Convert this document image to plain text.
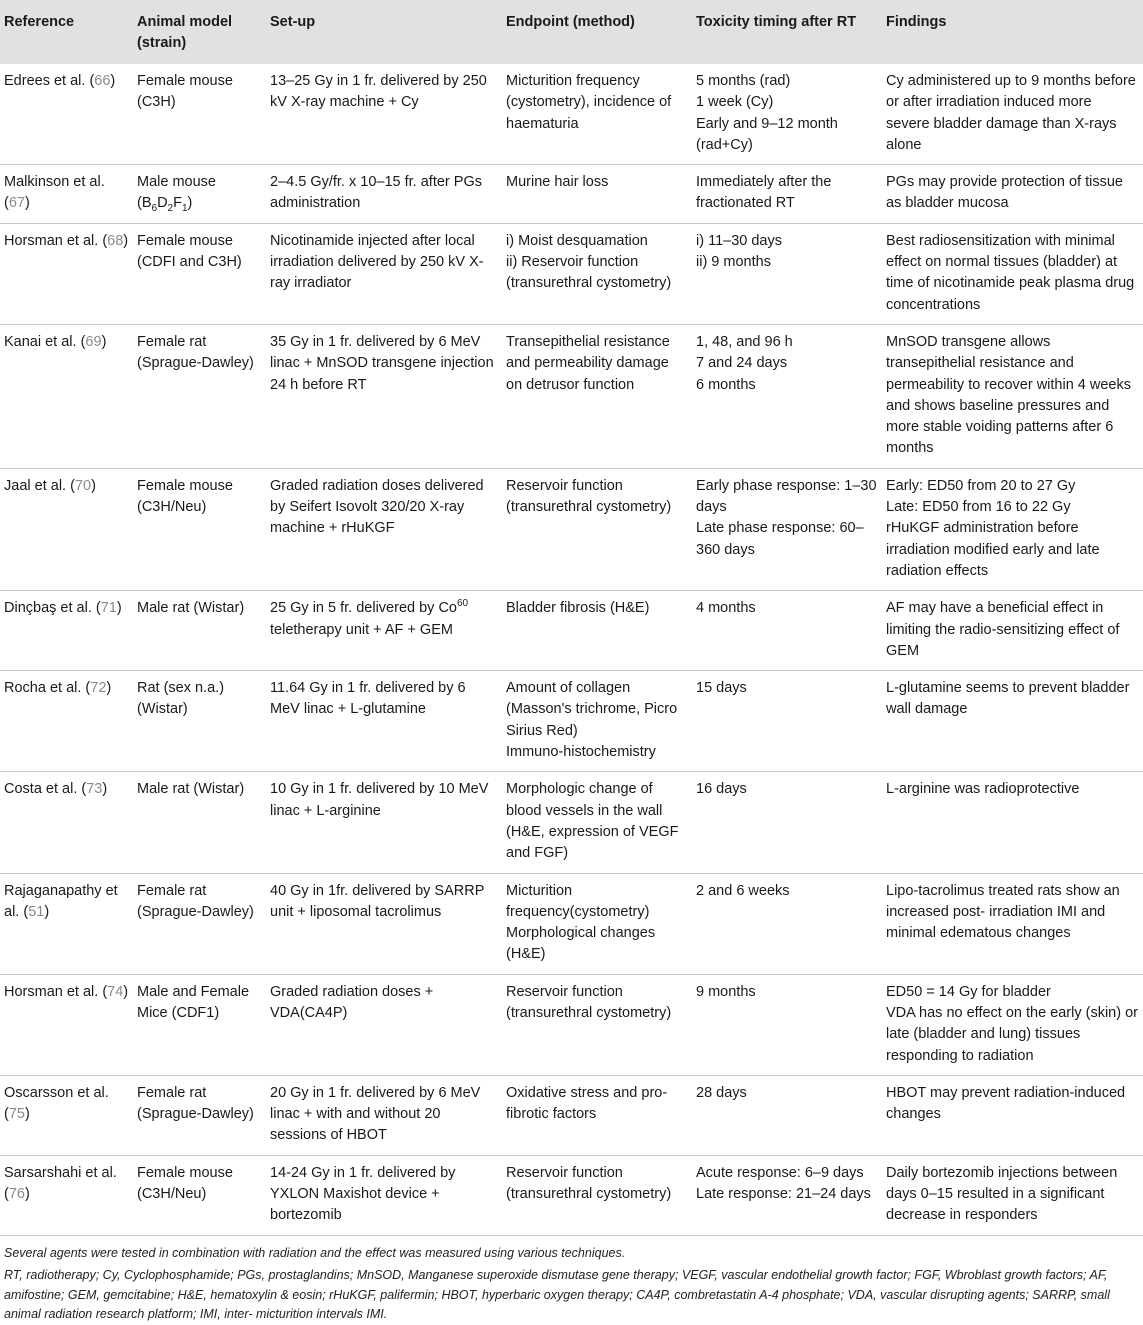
Reference	Animal model (strain)	Set-up	Endpoint (method)	Toxicity timing after RT	Findings
Edrees et al. (66)	Female mouse (C3H)	13–25 Gy in 1 fr. delivered by 250 kV X-ray machine + Cy	Micturition frequency (cystometry), incidence of haematuria	5 months (rad)
1 week (Cy)
Early and 9–12 month (rad+Cy)	Cy administered up to 9 months before or after irradiation induced more severe bladder damage than X-rays alone

Malkinson et al. (67)	Male mouse $(B_6D_2F_1)$	2–4.5 Gy/fr. x 10–15 fr. after PGs administration	Murine hair loss	Immediately after the fractionated RT	PGs may provide protection of tissue as bladder mucosa

Horsman et al. (68)	Female mouse (CDFI and C3H)	Nicotinamide injected after local irradiation delivered by 250 kV X-ray irradiator	i) Moist desquamation
ii) Reservoir function (transurethral cystometry)	i) 11–30 days
ii) 9 months	Best radiosensitization with minimal effect on normal tissues (bladder) at time of nicotinamide peak plasma drug concentrations

Kanai et al. (69)	Female rat (Sprague-Dawley)	35 Gy in 1 fr. delivered by 6 MeV linac + MnSOD transgene injection 24 h before RT	Transepithelial resistance and permeability damage on detrusor function	1, 48, and 96 h
7 and 24 days
6 months	MnSOD transgene allows transepithelial resistance and permeability to recover within 4 weeks and shows baseline pressures and more stable voiding patterns after 6 months

Jaal et al. (70)	Female mouse (C3H/Neu)	Graded radiation doses delivered by Seifert Isovolt 320/20 X-ray machine + rHuKGF	Reservoir function (transurethral cystometry)	Early phase response: 1–30 days
Late phase response: 60–360 days	Early: ED50 from 20 to 27 Gy
Late: ED50 from 16 to 22 Gy
rHuKGF administration before irradiation modified early and late radiation effects

Dinçbaş et al. (71)	Male rat (Wistar)	25 Gy in 5 fr. delivered by Co$^{60}$ teletherapy unit + AF + GEM	Bladder fibrosis (H&E)	4 months	AF may have a beneficial effect in limiting the radio-sensitizing effect of GEM

Rocha et al. (72)	Rat (sex n.a.) (Wistar)	11.64 Gy in 1 fr. delivered by 6 MeV linac + L-glutamine	Amount of collagen (Masson's trichrome, Picro Sirius Red)
Immuno-histochemistry	15 days	L-glutamine seems to prevent bladder wall damage

Costa et al. (73)	Male rat (Wistar)	10 Gy in 1 fr. delivered by 10 MeV linac + L-arginine	Morphologic change of blood vessels in the wall (H&E, expression of VEGF and FGF)	16 days	L-arginine was radioprotective

Rajaganapathy et al. (51)	Female rat (Sprague-Dawley)	40 Gy in 1fr. delivered by SARRP unit + liposomal tacrolimus	Micturition frequency(cystometry)
Morphological changes (H&E)	2 and 6 weeks	Lipo-tacrolimus treated rats show an increased post- irradiation IMI and minimal edematous changes

Horsman et al. (74)	Male and Female Mice (CDF1)	Graded radiation doses + VDA(CA4P)	Reservoir function (transurethral cystometry)	9 months	ED50 = 14 Gy for bladder
VDA has no effect on the early (skin) or late (bladder and lung) tissues responding to radiation

Oscarsson et al. (75)	Female rat (Sprague-Dawley)	20 Gy in 1 fr. delivered by 6 MeV linac + with and without 20 sessions of HBOT	Oxidative stress and pro-fibrotic factors	28 days	HBOT may prevent radiation-induced changes

Sarsarshahi et al. (76)	Female mouse (C3H/Neu)	14-24 Gy in 1 fr. delivered by YXLON Maxishot device + bortezomib	Reservoir function (transurethral cystometry)	Acute response: 6–9 days
Late response: 21–24 days	Daily bortezomib injections between days 0–15 resulted in a significant decrease in responders

Several agents were tested in combination with radiation and the effect was measured using various techniques.

RT, radiotherapy; Cy, Cyclophosphamide; PGs, prostaglandins; MnSOD, Manganese superoxide dismutase gene therapy; VEGF, vascular endothelial growth factor; FGF, Wbroblast growth factors; AF, amifostine; GEM, gemcitabine; H&E, hematoxylin & eosin; rHuKGF, palifermin; HBOT, hyperbaric oxygen therapy; CA4P, combretastatin A-4 phosphate; VDA, vascular disrupting agents; SARRP, small animal radiation research platform; IMI, inter- micturition intervals IMI.
